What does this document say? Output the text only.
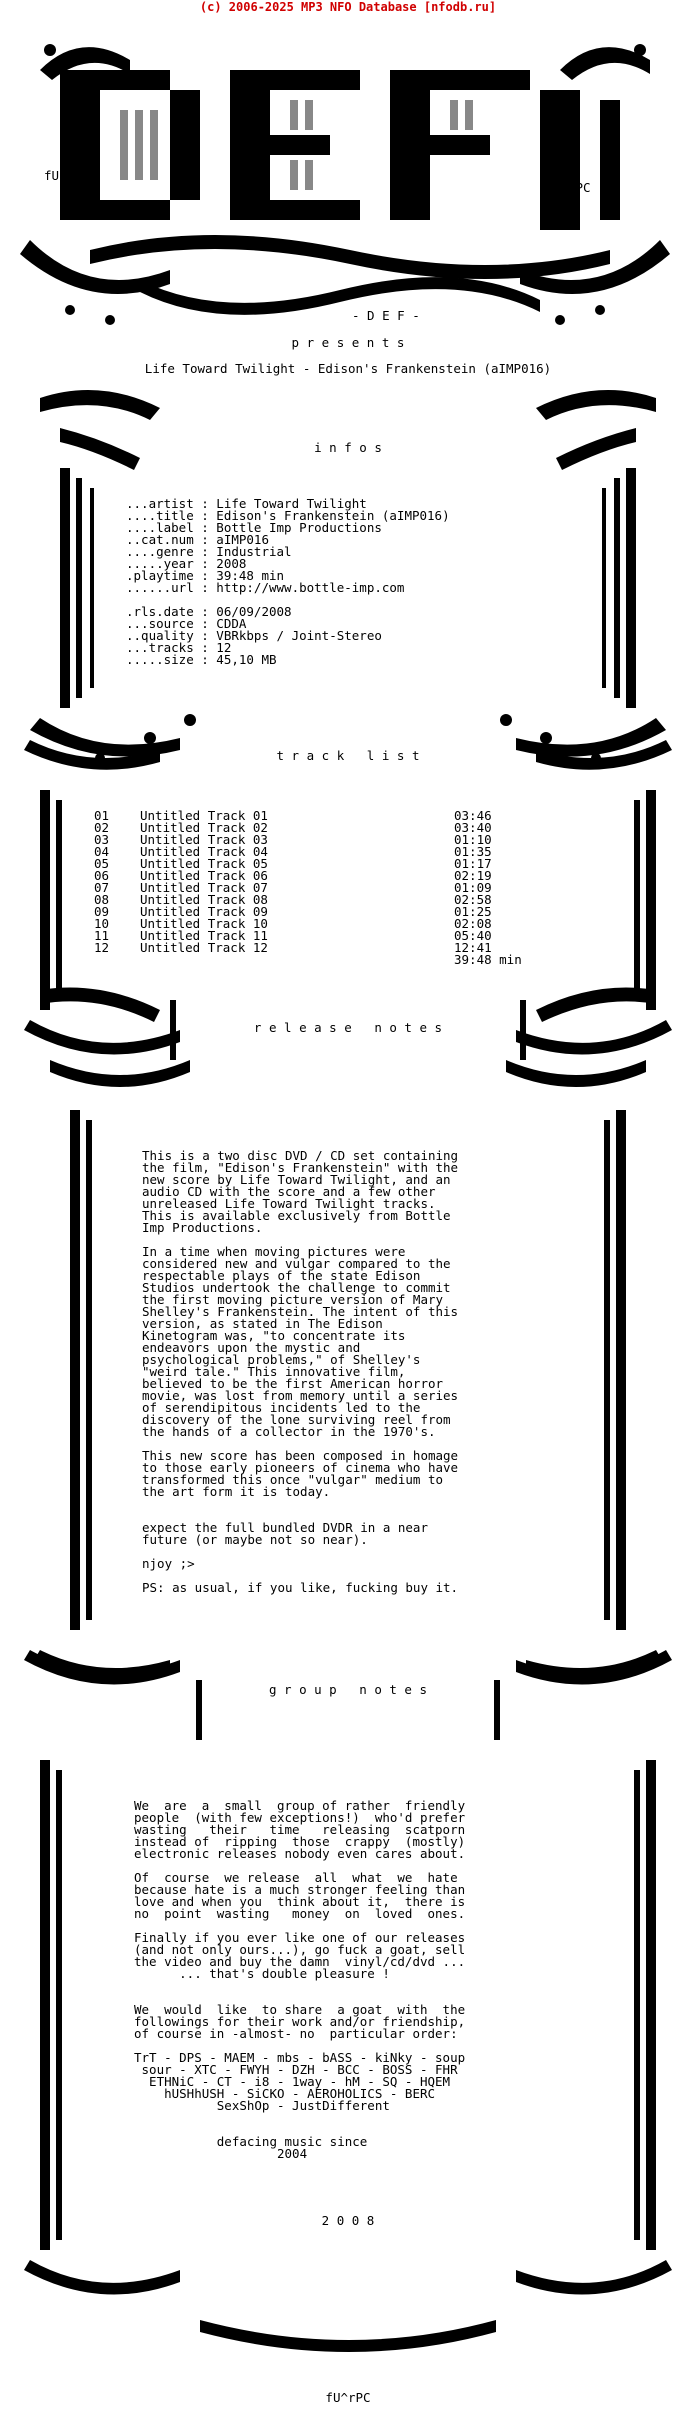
(c) 2006-2025 MP3 NFO Database [nfodb.ru]
fU
rPC
- D E F -
p r e s e n t s
Life Toward Twilight - Edison's Frankenstein (aIMP016)
i n f o s
...artist : Life Toward Twilight
....title : Edison's Frankenstein (aIMP016)
....label : Bottle Imp Productions
..cat.num : aIMP016
....genre : Industrial
.....year : 2008
.playtime : 39:48 min
......url : http://www.bottle-imp.com

.rls.date : 06/09/2008
...source : CDDA
..quality : VBRkbps / Joint-Stereo
...tracks : 12
.....size : 45,10 MB
t r a c k   l i s t
01	Untitled Track 01	03:46
02	Untitled Track 02	03:40
03	Untitled Track 03	01:10
04	Untitled Track 04	01:35
05	Untitled Track 05	01:17
06	Untitled Track 06	02:19
07	Untitled Track 07	01:09
08	Untitled Track 08	02:58
09	Untitled Track 09	01:25
10	Untitled Track 10	02:08
11	Untitled Track 11	05:40
12	Untitled Track 12	12:41
39:48 min
r e l e a s e   n o t e s
This is a two disc DVD / CD set containing
the film, "Edison's Frankenstein" with the
new score by Life Toward Twilight, and an
audio CD with the score and a few other
unreleased Life Toward Twilight tracks.
This is available exclusively from Bottle
Imp Productions.

In a time when moving pictures were
considered new and vulgar compared to the
respectable plays of the state Edison
Studios undertook the challenge to commit
the first moving picture version of Mary
Shelley's Frankenstein. The intent of this
version, as stated in The Edison
Kinetogram was, "to concentrate its
endeavors upon the mystic and
psychological problems," of Shelley's
"weird tale." This innovative film,
believed to be the first American horror
movie, was lost from memory until a series
of serendipitous incidents led to the
discovery of the lone surviving reel from
the hands of a collector in the 1970's.

This new score has been composed in homage
to those early pioneers of cinema who have
transformed this once "vulgar" medium to
the art form it is today.

expect the full bundled DVDR in a near
future (or maybe not so near).

njoy ;>

PS: as usual, if you like, fucking buy it.
g r o u p   n o t e s
We  are  a  small  group of rather  friendly
people  (with few exceptions!)  who'd prefer
wasting   their   time   releasing  scatporn
instead of  ripping  those  crappy  (mostly)
electronic releases nobody even cares about.

Of  course  we release  all  what  we  hate
because hate is a much stronger feeling than
love and when you  think about it,  there is
no  point  wasting   money  on  loved  ones.

Finally if you ever like one of our releases
(and not only ours...), go fuck a goat, sell
the video and buy the damn  vinyl/cd/dvd ...
... that's double pleasure !

We  would  like  to share  a goat  with  the
followings for their work and/or friendship,
of course in -almost- no  particular order:

TrT - DPS - MAEM - mbs - bASS - kiNky - soup
sour - XTC - FWYH - DZH - BCC - BOSS - FHR
ETHNiC - CT - i8 - 1way - hM - SQ - HQEM
hUSHhUSH - SiCKO - AEROHOLICS - BERC
SexShOp - JustDifferent

defacing music since
2004
2 0 0 8
fU^rPC
